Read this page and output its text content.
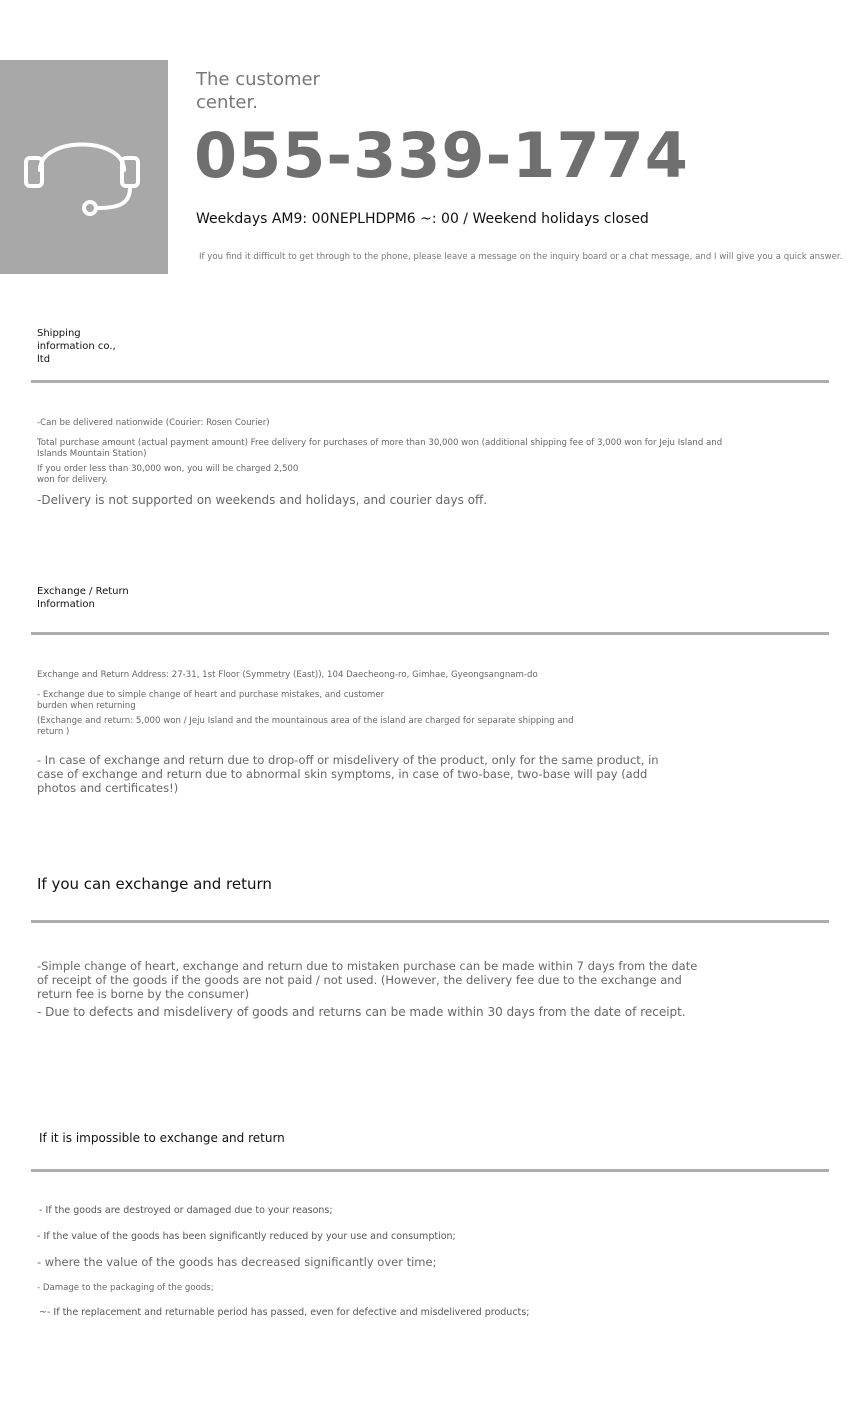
The customer center.
055-339-1774
Weekdays AM9: 00NEPLHDPM6 ~: 00 / Weekend holidays closed
If you find it difficult to get through to the phone, please leave a message on the inquiry board or a chat message, and I will give you a quick answer.
Shipping information co., ltd
-Can be delivered nationwide (Courier: Rosen Courier)
Total purchase amount (actual payment amount) Free delivery for purchases of more than 30,000 won (additional shipping fee of 3,000 won for Jeju Island and Islands Mountain Station)
If you order less than 30,000 won, you will be charged 2,500 won for delivery.
-Delivery is not supported on weekends and holidays, and courier days off.
Exchange / Return Information
Exchange and Return Address: 27-31, 1st Floor (Symmetry (East)), 104 Daecheong-ro, Gimhae, Gyeongsangnam-do
- Exchange due to simple change of heart and purchase mistakes, and customer burden when returning
(Exchange and return: 5,000 won / Jeju Island and the mountainous area of the island are charged for separate shipping and return )
- In case of exchange and return due to drop-off or misdelivery of the product, only for the same product, in case of exchange and return due to abnormal skin symptoms, in case of two-base, two-base will pay (add photos and certificates!)
If you can exchange and return
-Simple change of heart, exchange and return due to mistaken purchase can be made within 7 days from the date of receipt of the goods if the goods are not paid / not used. (However, the delivery fee due to the exchange and return fee is borne by the consumer)
- Due to defects and misdelivery of goods and returns can be made within 30 days from the date of receipt.
If it is impossible to exchange and return
- If the goods are destroyed or damaged due to your reasons;
- If the value of the goods has been significantly reduced by your use and consumption;
- where the value of the goods has decreased significantly over time;
- Damage to the packaging of the goods;
~- If the replacement and returnable period has passed, even for defective and misdelivered products;
